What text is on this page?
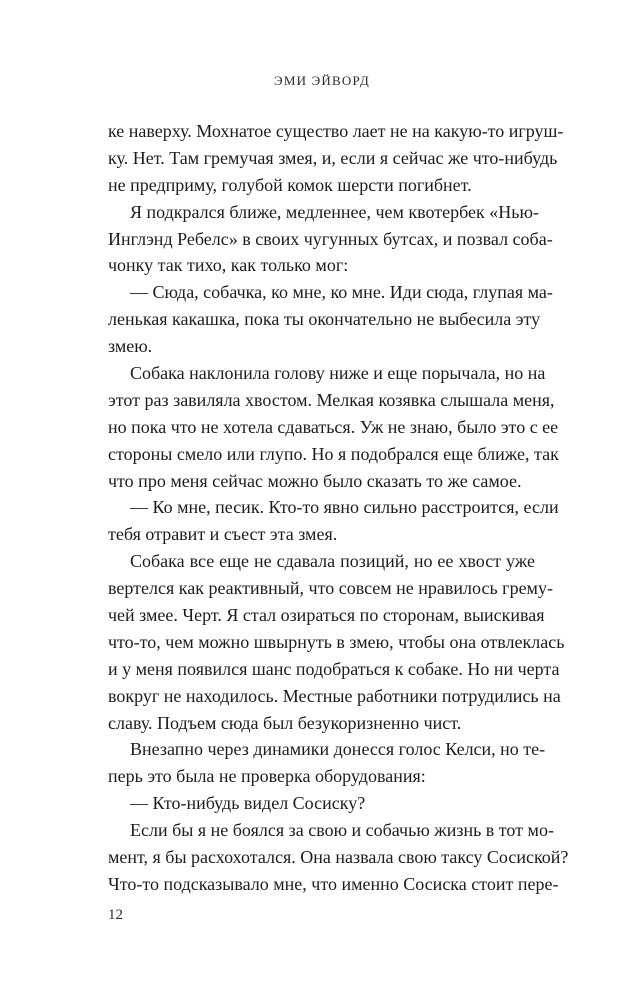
ЭМИ ЭЙВОРД
ке наверху. Мохнатое существо лает не на какую-то игруш-
ку. Нет. Там гремучая змея, и, если я сейчас же что-нибудь
не предприму, голубой комок шерсти погибнет.
Я подкрался ближе, медленнее, чем квотербек «Нью-
Инглэнд Ребелс» в своих чугунных бутсах, и позвал соба-
чонку так тихо, как только мог:
— Сюда, собачка, ко мне, ко мне. Иди сюда, глупая ма-
ленькая какашка, пока ты окончательно не выбесила эту
змею.
Собака наклонила голову ниже и еще порычала, но на
этот раз завиляла хвостом. Мелкая козявка слышала меня,
но пока что не хотела сдаваться. Уж не знаю, было это с ее
стороны смело или глупо. Но я подобрался еще ближе, так
что про меня сейчас можно было сказать то же самое.
— Ко мне, песик. Кто-то явно сильно расстроится, если
тебя отравит и съест эта змея.
Собака все еще не сдавала позиций, но ее хвост уже
вертелся как реактивный, что совсем не нравилось грему-
чей змее. Черт. Я стал озираться по сторонам, выискивая
что-то, чем можно швырнуть в змею, чтобы она отвлеклась
и у меня появился шанс подобраться к собаке. Но ни черта
вокруг не находилось. Местные работники потрудились на
славу. Подъем сюда был безукоризненно чист.
Внезапно через динамики донесся голос Келси, но те-
перь это была не проверка оборудования:
— Кто-нибудь видел Сосиску?
Если бы я не боялся за свою и собачью жизнь в тот мо-
мент, я бы расхохотался. Она назвала свою таксу Сосиской?
Что-то подсказывало мне, что именно Сосиска стоит пере-
12
